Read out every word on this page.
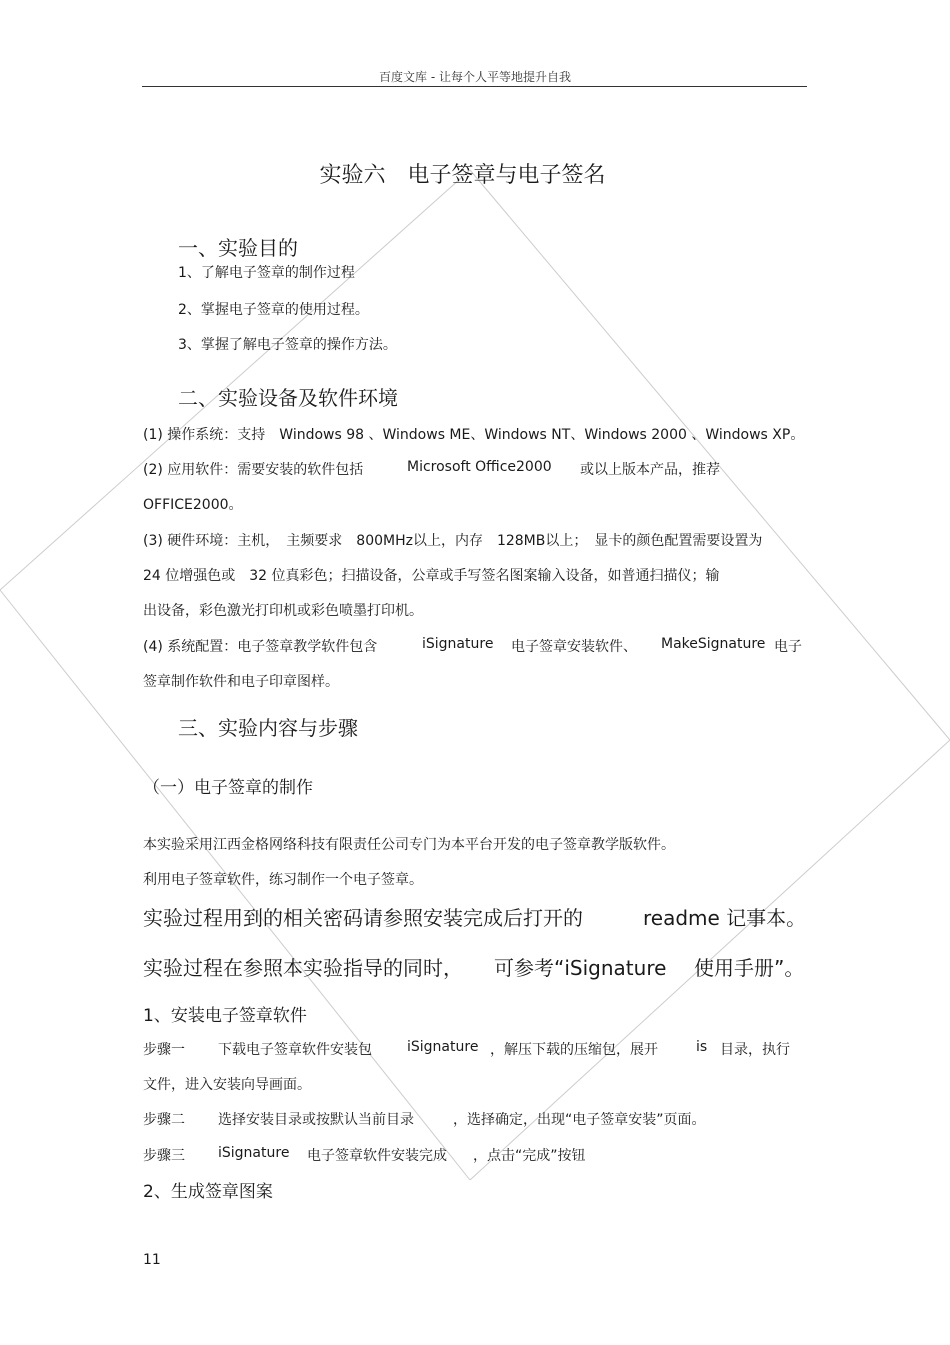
百度文库 - 让每个人平等地提升自我
实验六　电子签章与电子签名
一、实验目的
1、了解电子签章的制作过程
2、掌握电子签章的使用过程。
3、掌握了解电子签章的操作方法。
二、实验设备及软件环境
(1) 操作系统：支持　Windows 98 、Windows ME、Windows NT、Windows 2000 、Windows XP。
(2) 应用软件：需要安装的软件包括	Microsoft Office2000 或以上版本产品，推荐
OFFICE2000。
(3) 硬件环境：主机，　主频要求　800MHz以上，内存　128MB以上；　显卡的颜色配置需要设置为
24 位增强色或　32 位真彩色；扫描设备，公章或手写签名图案输入设备，如普通扫描仪；输
出设备，彩色激光打印机或彩色喷墨打印机。
(4) 系统配置：电子签章教学软件包含	iSignature 电子签章安装软件、 MakeSignature 电子
签章制作软件和电子印章图样。
三、实验内容与步骤
（一）电子签章的制作
本实验采用江西金格网络科技有限责任公司专门为本平台开发的电子签章教学版软件。
利用电子签章软件，练习制作一个电子签章。
实验过程用到的相关密码请参照安装完成后打开的	readme 记事本。
实验过程在参照本实验指导的同时， 可参考“iSignature 使用手册”。
1、安装电子签章软件
步骤一 下载电子签章软件安装包	iSignature ，解压下载的压缩包，展开	is 目录，执行
文件，进入安装向导画面。
步骤二 选择安装目录或按默认当前目录	，选择确定，出现“电子签章安装”页面。
步骤三 iSignature 电子签章软件安装完成 ，点击“完成”按钮
2、生成签章图案
11
